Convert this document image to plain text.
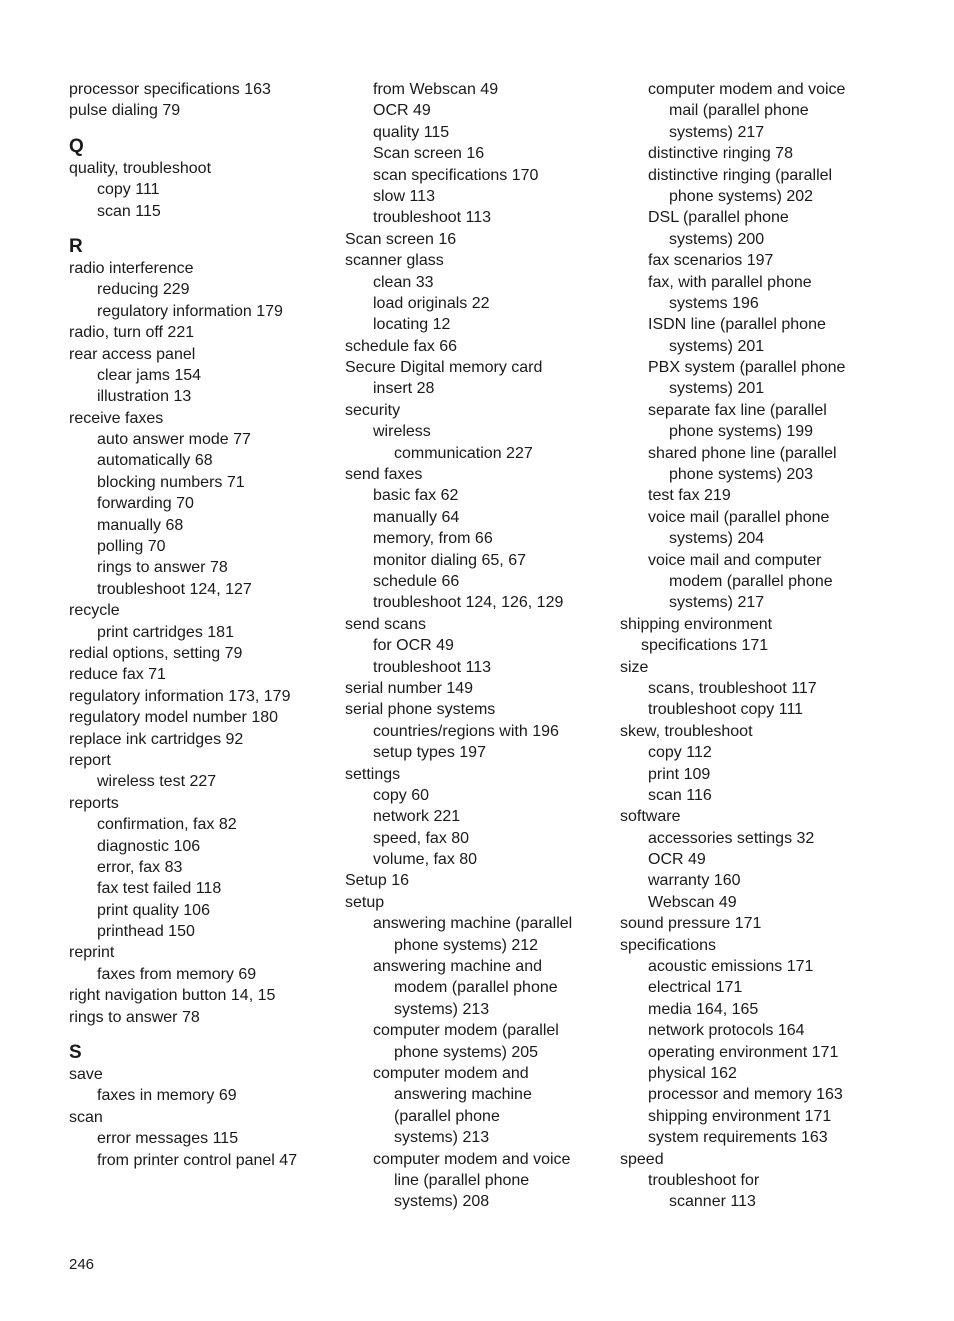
processor specifications 163
pulse dialing 79
Q
quality, troubleshoot
copy 111
scan 115
R
radio interference
reducing 229
regulatory information 179
radio, turn off 221
rear access panel
clear jams 154
illustration 13
receive faxes
auto answer mode 77
automatically 68
blocking numbers 71
forwarding 70
manually 68
polling 70
rings to answer 78
troubleshoot 124, 127
recycle
print cartridges 181
redial options, setting 79
reduce fax 71
regulatory information 173, 179
regulatory model number 180
replace ink cartridges 92
report
wireless test 227
reports
confirmation, fax 82
diagnostic 106
error, fax 83
fax test failed 118
print quality 106
printhead 150
reprint
faxes from memory 69
right navigation button 14, 15
rings to answer 78
S
save
faxes in memory 69
scan
error messages 115
from printer control panel 47
from Webscan 49
OCR 49
quality 115
Scan screen 16
scan specifications 170
slow 113
troubleshoot 113
Scan screen 16
scanner glass
clean 33
load originals 22
locating 12
schedule fax 66
Secure Digital memory card
insert 28
security
wireless
communication 227
send faxes
basic fax 62
manually 64
memory, from 66
monitor dialing 65, 67
schedule 66
troubleshoot 124, 126, 129
send scans
for OCR 49
troubleshoot 113
serial number 149
serial phone systems
countries/regions with 196
setup types 197
settings
copy 60
network 221
speed, fax 80
volume, fax 80
Setup 16
setup
answering machine (parallel
phone systems) 212
answering machine and
modem (parallel phone
systems) 213
computer modem (parallel
phone systems) 205
computer modem and
answering machine
(parallel phone
systems) 213
computer modem and voice
line (parallel phone
systems) 208
computer modem and voice
mail (parallel phone
systems) 217
distinctive ringing 78
distinctive ringing (parallel
phone systems) 202
DSL (parallel phone
systems) 200
fax scenarios 197
fax, with parallel phone
systems 196
ISDN line (parallel phone
systems) 201
PBX system (parallel phone
systems) 201
separate fax line (parallel
phone systems) 199
shared phone line (parallel
phone systems) 203
test fax 219
voice mail (parallel phone
systems) 204
voice mail and computer
modem (parallel phone
systems) 217
shipping environment
specifications 171
size
scans, troubleshoot 117
troubleshoot copy 111
skew, troubleshoot
copy 112
print 109
scan 116
software
accessories settings 32
OCR 49
warranty 160
Webscan 49
sound pressure 171
specifications
acoustic emissions 171
electrical 171
media 164, 165
network protocols 164
operating environment 171
physical 162
processor and memory 163
shipping environment 171
system requirements 163
speed
troubleshoot for
scanner 113
246
